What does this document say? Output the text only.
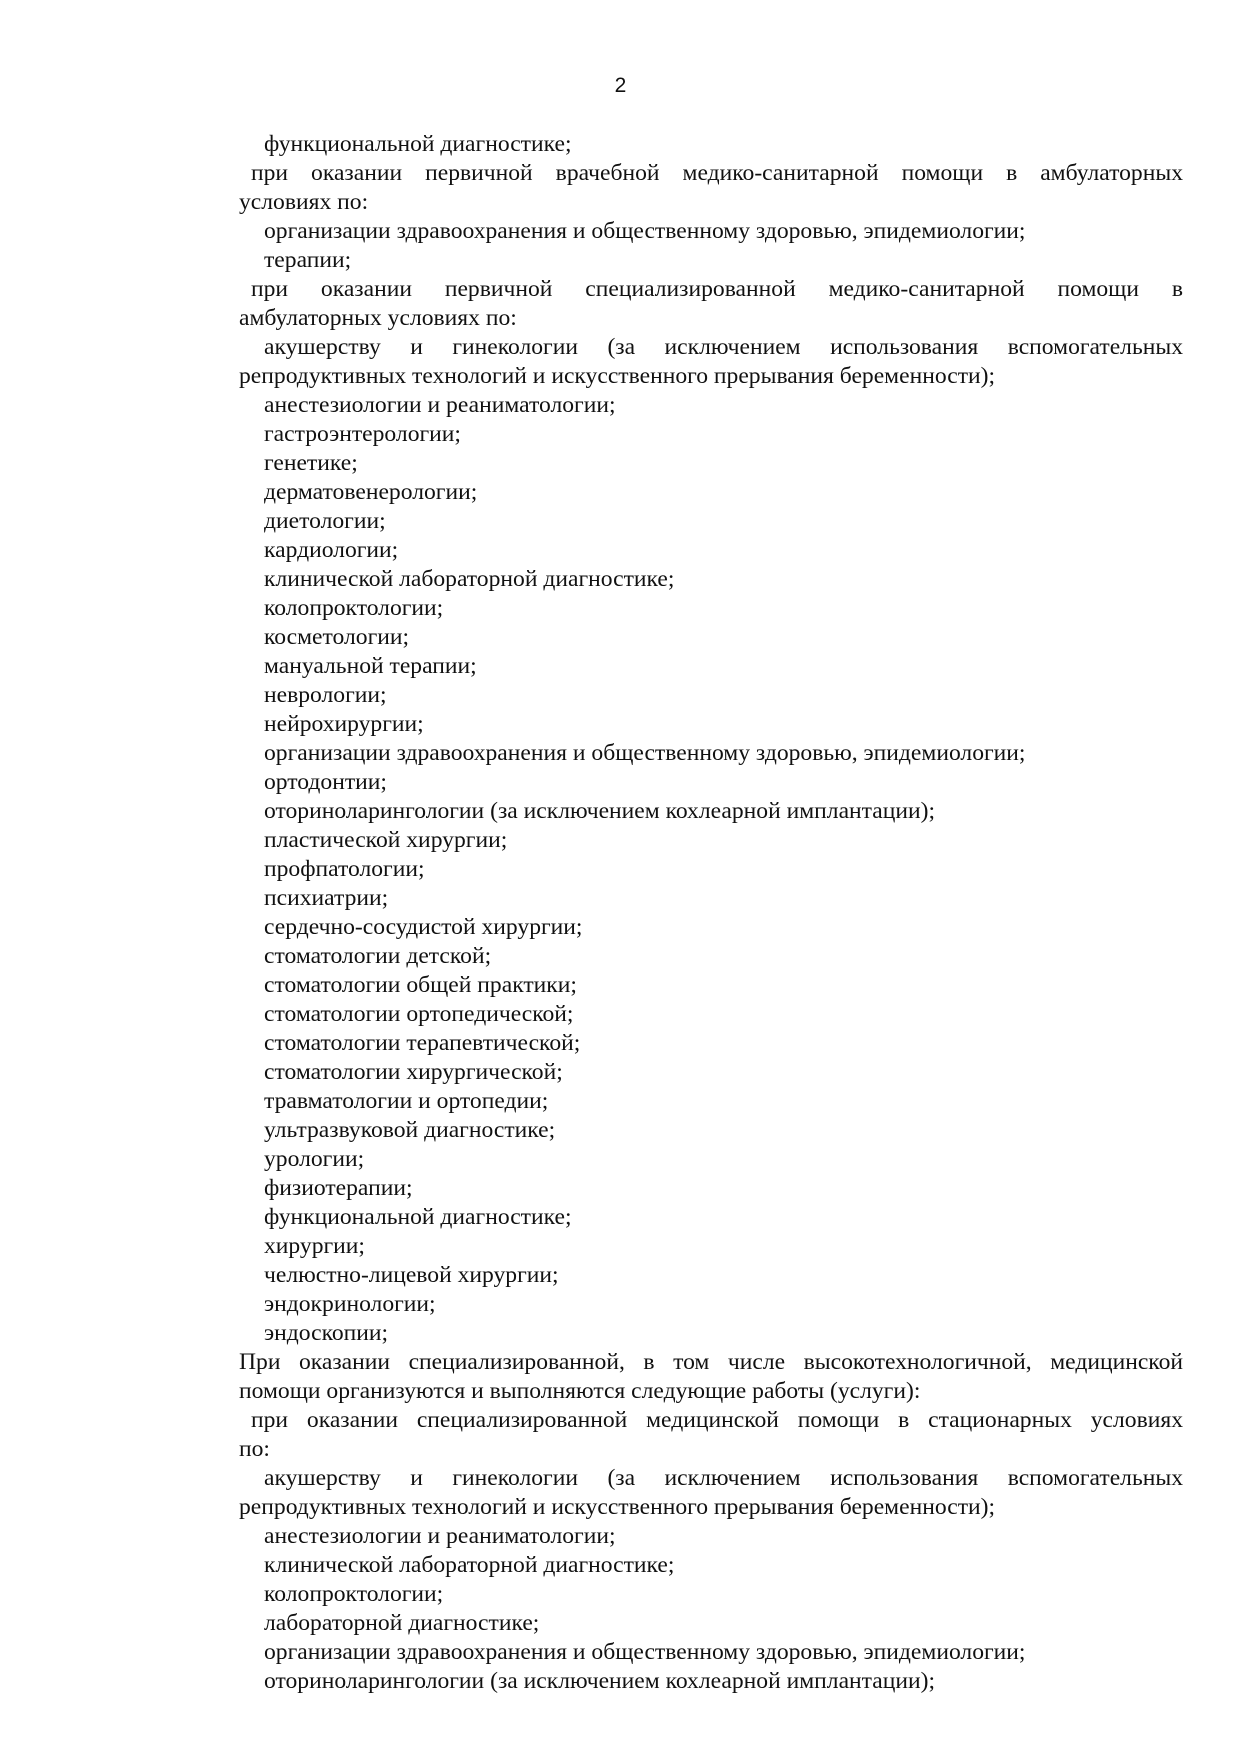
2
функциональной диагностике;
при оказании первичной врачебной медико-санитарной помощи в амбулаторных
условиях по:
организации здравоохранения и общественному здоровью, эпидемиологии;
терапии;
при оказании первичной специализированной медико-санитарной помощи в
амбулаторных условиях по:
акушерству и гинекологии (за исключением использования вспомогательных
репродуктивных технологий и искусственного прерывания беременности);
анестезиологии и реаниматологии;
гастроэнтерологии;
генетике;
дерматовенерологии;
диетологии;
кардиологии;
клинической лабораторной диагностике;
колопроктологии;
косметологии;
мануальной терапии;
неврологии;
нейрохирургии;
организации здравоохранения и общественному здоровью, эпидемиологии;
ортодонтии;
оториноларингологии (за исключением кохлеарной имплантации);
пластической хирургии;
профпатологии;
психиатрии;
сердечно-сосудистой хирургии;
стоматологии детской;
стоматологии общей практики;
стоматологии ортопедической;
стоматологии терапевтической;
стоматологии хирургической;
травматологии и ортопедии;
ультразвуковой диагностике;
урологии;
физиотерапии;
функциональной диагностике;
хирургии;
челюстно-лицевой хирургии;
эндокринологии;
эндоскопии;
При оказании специализированной, в том числе высокотехнологичной, медицинской
помощи организуются и выполняются следующие работы (услуги):
при оказании специализированной медицинской помощи в стационарных условиях
по:
акушерству и гинекологии (за исключением использования вспомогательных
репродуктивных технологий и искусственного прерывания беременности);
анестезиологии и реаниматологии;
клинической лабораторной диагностике;
колопроктологии;
лабораторной диагностике;
организации здравоохранения и общественному здоровью, эпидемиологии;
оториноларингологии (за исключением кохлеарной имплантации);
